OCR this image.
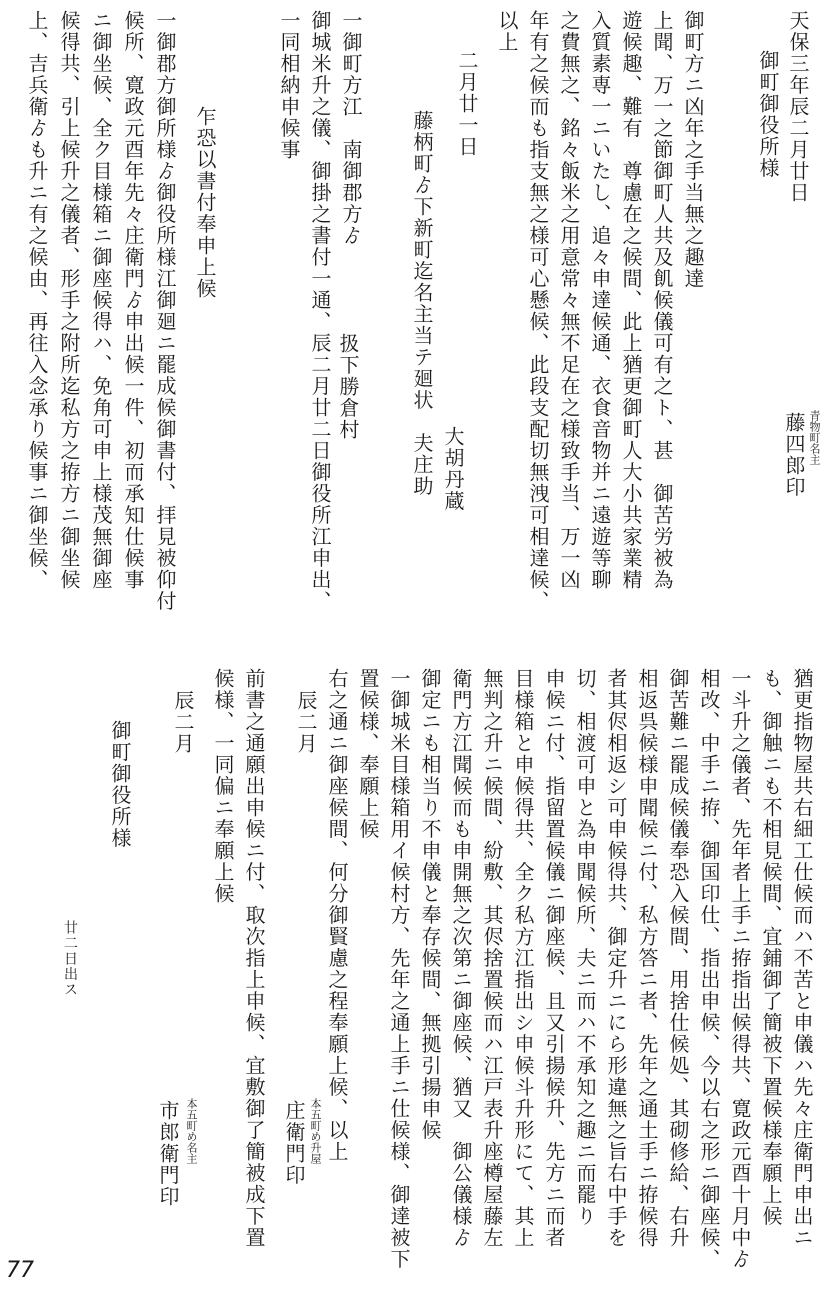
天保三年辰二月廿日
御町御役所様
青物町名主
藤四郎印
御町方ニ凶年之手当無之趣達
上聞、万一之節御町人共及飢候儀可有之ト、甚　御苦労被為
遊候趣、難有　尊慮在之候間、此上猶更御町人大小共家業精
入質素専一ニいたし、追々申達候通、衣食音物并ニ遠遊等聊
之費無之、銘々飯米之用意常々無不足在之様致手当、万一凶
年有之候而も指支無之様可心懸候、此段支配切無洩可相達候、
以上
二月廿一日
大胡丹蔵
藤柄町ゟ下新町迄名主当テ廻状　夫庄助
一御町方江　南御郡方ゟ
扱下勝倉村
御城米升之儀、御掛之書付一通、辰二月廿二日御役所江申出、
一同相納申候事
乍恐以書付奉申上候
一御郡方御所様ゟ御役所様江御廻ニ罷成候御書付、拝見被仰付
候所、寛政元酉年先々庄衛門ゟ申出候一件、初而承知仕候事
ニ御坐候、全ク目様箱ニ御座候得ハ、免角可申上様茂無御座
候得共、引上候升之儀者、形手之附所迄私方之拵方ニ御坐候
上、吉兵衛ゟも升ニ有之候由、再往入念承り候事ニ御坐候、
猶更指物屋共右細工仕候而ハ不苦と申儀ハ先々庄衛門申出ニ
も、御触ニも不相見候間、宜鋪御了簡被下置候様奉願上候
一斗升之儀者、先年者上手ニ拵指出候得共、寛政元酉十月中ゟ
相改、中手ニ拵、御国印仕、指出申候、今以右之形ニ御座候、
御苦難ニ罷成候儀奉恐入候間、用捨仕候処、其砌修給、右升
相返呉候様申聞候ニ付、私方答ニ者、先年之通土手ニ拵候得
者其侭相返シ可申候得共、御定升ニにら形違無之旨右中手を
切、相渡可申と為申聞候所、夫ニ而ハ不承知之趣ニ而罷り
申候ニ付、指留置候儀ニ御座候、且又引揚候升、先方ニ而者
目様箱と申候得共、全ク私方江指出シ申候斗升形にて、其上
無判之升ニ候間、紛敷、其侭捨置候而ハ江戸表升座樽屋藤左
衛門方江聞候而も申開無之次第ニ御座候、猶又　御公儀様ゟ
御定ニも相当り不申儀と奉存候間、無拠引揚申候
一御城米目様箱用イ候村方、先年之通上手ニ仕候様、御達被下
置候様、奉願上候
右之通ニ御座候間、何分御賢慮之程奉願上候、以上
辰二月
本五町め升屋
庄衛門印
前書之通願出申候ニ付、取次指上申候、宜敷御了簡被成下置
候様、一同偏ニ奉願上候
辰二月
本五町め名主
市郎衛門印
御町御役所様
廿二日出ス
77
